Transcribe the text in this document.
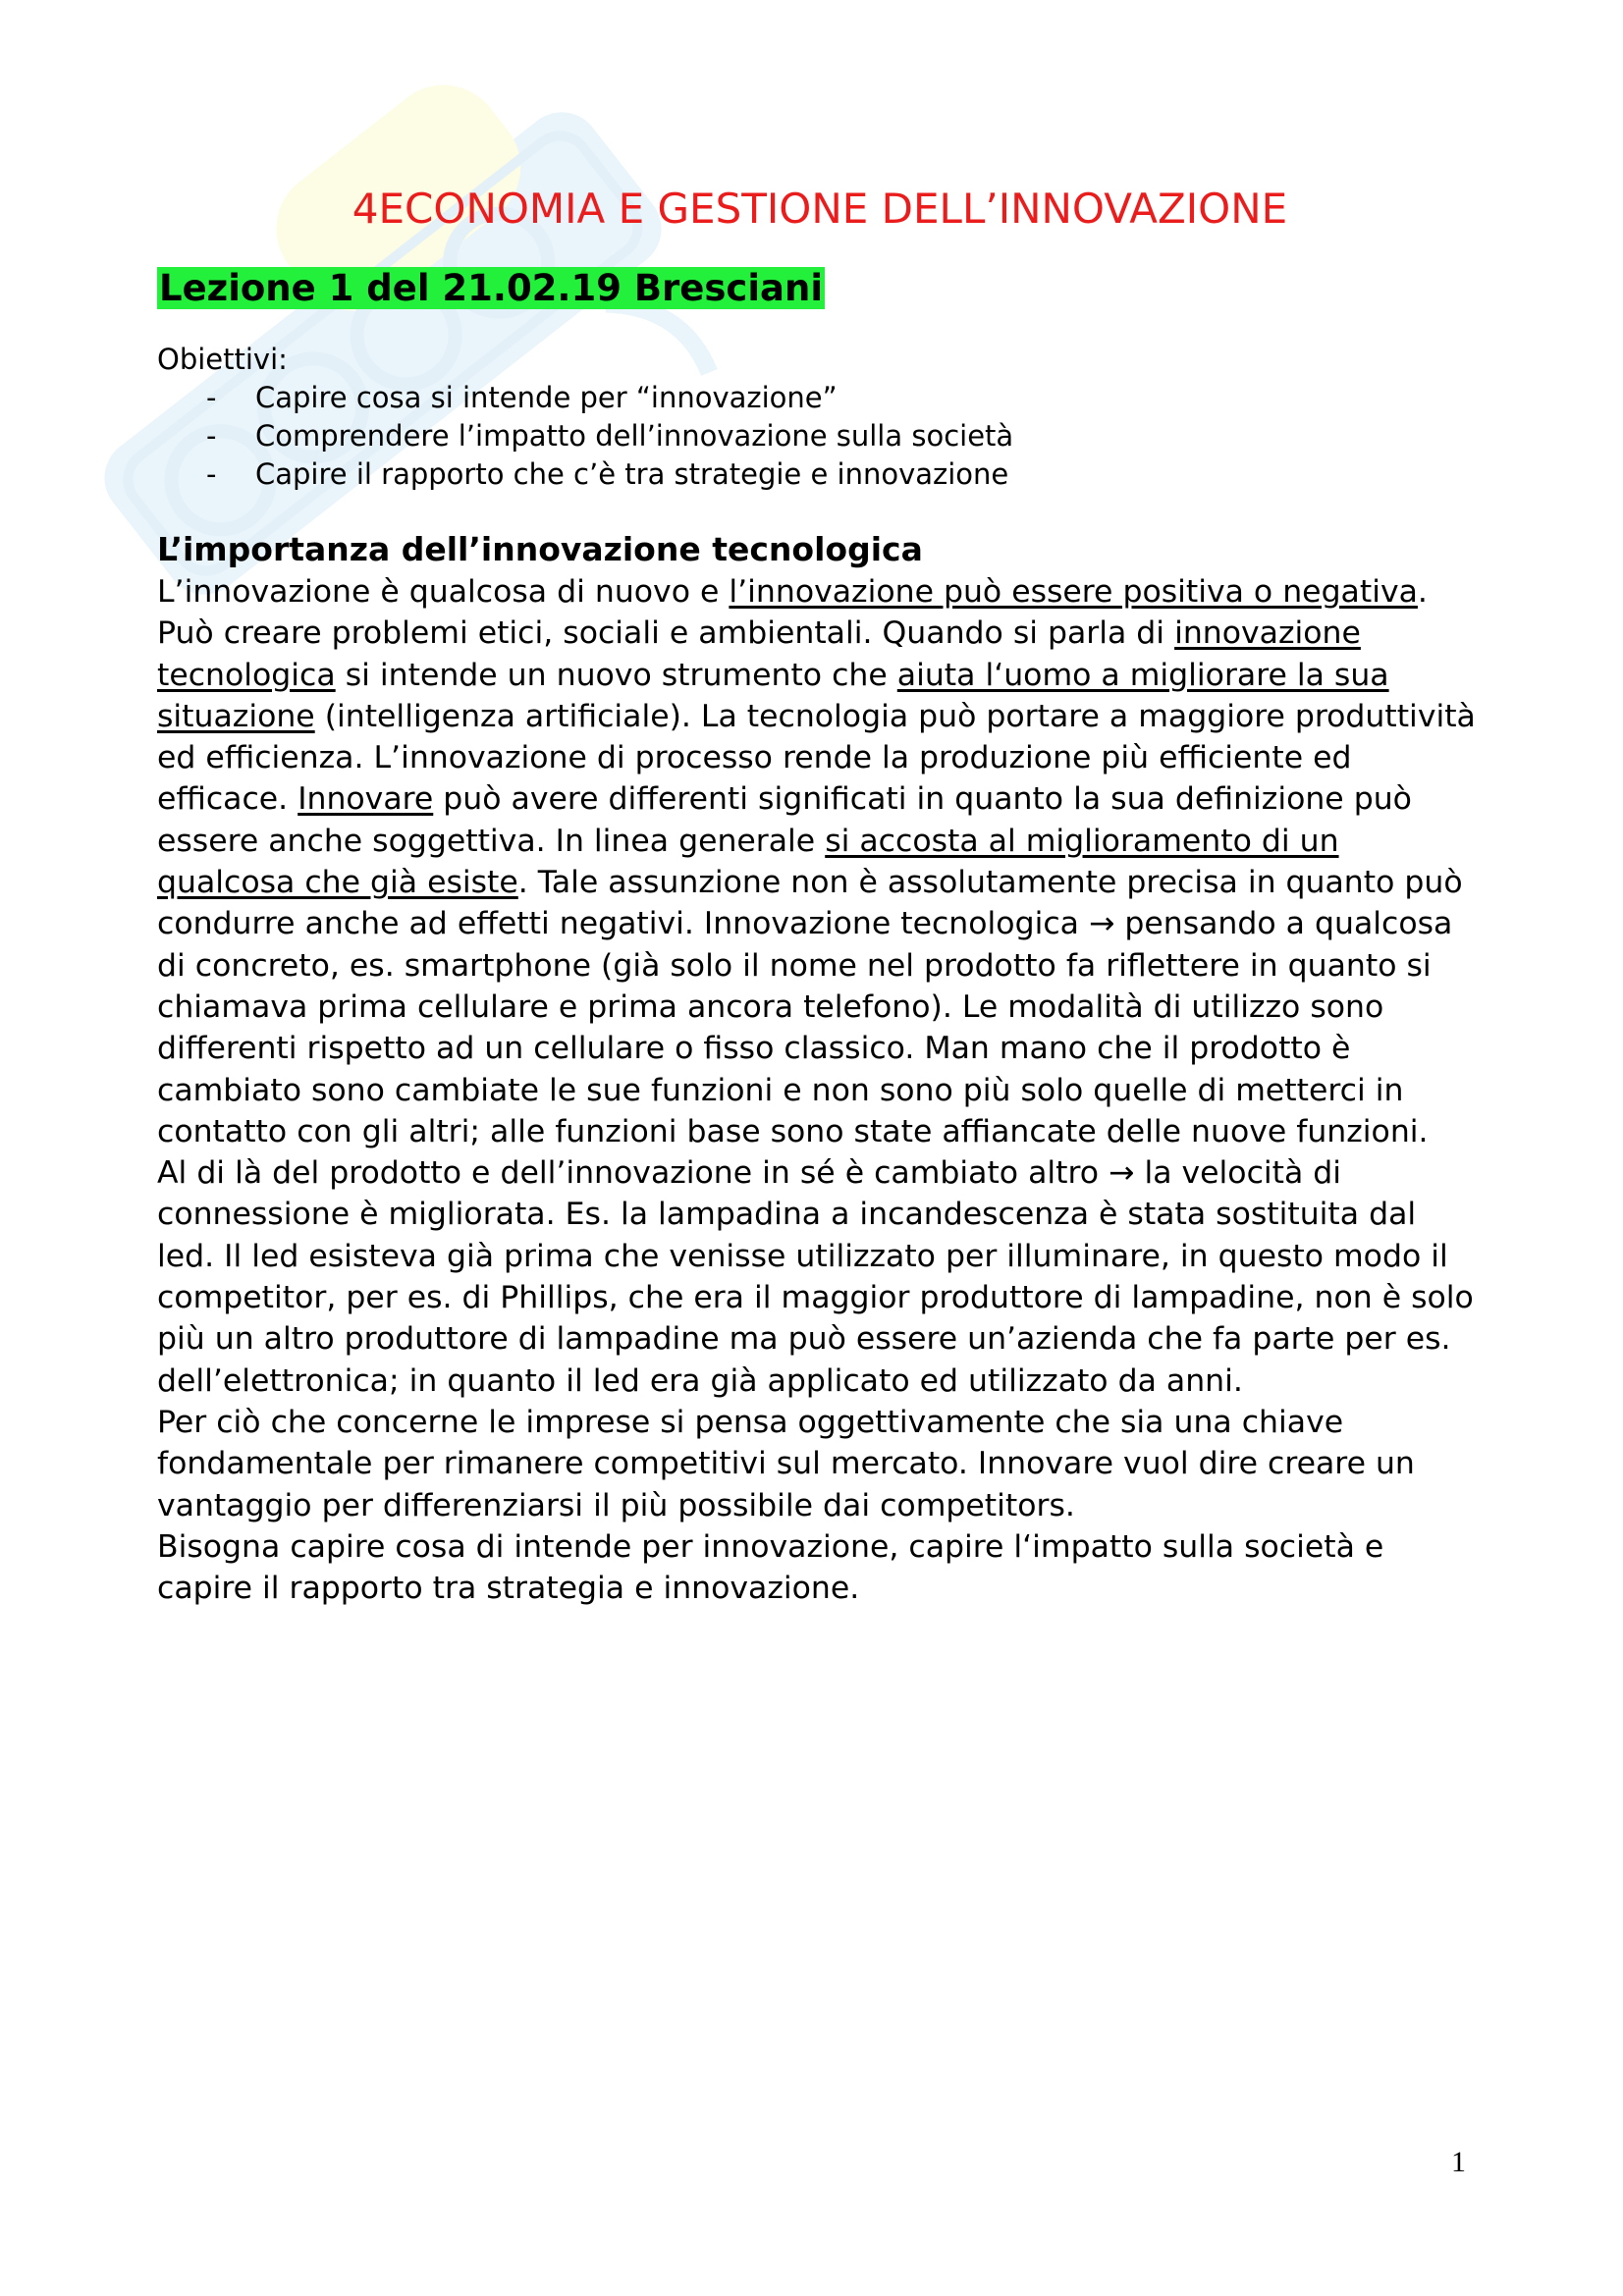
4ECONOMIA E GESTIONE DELL’INNOVAZIONE
Lezione 1 del 21.02.19 Bresciani

Obiettivi:

- Capire cosa si intende per “innovazione”
- Comprendere l’impatto dell’innovazione sulla società
- Capire il rapporto che c’è tra strategie e innovazione
L’importanza dell’innovazione tecnologica

L’innovazione è qualcosa di nuovo e l’innovazione può essere positiva o negativa. Può creare problemi etici, sociali e ambientali. Quando si parla di innovazione tecnologica si intende un nuovo strumento che aiuta l‘uomo a migliorare la sua situazione (intelligenza artificiale). La tecnologia può portare a maggiore produttività ed efficienza. L’innovazione di processo rende la produzione più efficiente ed efficace. Innovare può avere differenti significati in quanto la sua definizione può essere anche soggettiva. In linea generale si accosta al miglioramento di un qualcosa che già esiste. Tale assunzione non è assolutamente precisa in quanto può condurre anche ad effetti negativi. Innovazione tecnologica → pensando a qualcosa di concreto, es. smartphone (già solo il nome nel prodotto fa riflettere in quanto si chiamava prima cellulare e prima ancora telefono). Le modalità di utilizzo sono differenti rispetto ad un cellulare o fisso classico. Man mano che il prodotto è cambiato sono cambiate le sue funzioni e non sono più solo quelle di metterci in contatto con gli altri; alle funzioni base sono state affiancate delle nuove funzioni.

Al di là del prodotto e dell’innovazione in sé è cambiato altro → la velocità di connessione è migliorata. Es. la lampadina a incandescenza è stata sostituita dal led. Il led esisteva già prima che venisse utilizzato per illuminare, in questo modo il competitor, per es. di Phillips, che era il maggior produttore di lampadine, non è solo più un altro produttore di lampadine ma può essere un’azienda che fa parte per es. dell’elettronica; in quanto il led era già applicato ed utilizzato da anni.

Per ciò che concerne le imprese si pensa oggettivamente che sia una chiave fondamentale per rimanere competitivi sul mercato. Innovare vuol dire creare un vantaggio per differenziarsi il più possibile dai competitors.

Bisogna capire cosa di intende per innovazione, capire l‘impatto sulla società e capire il rapporto tra strategia e innovazione.

1
